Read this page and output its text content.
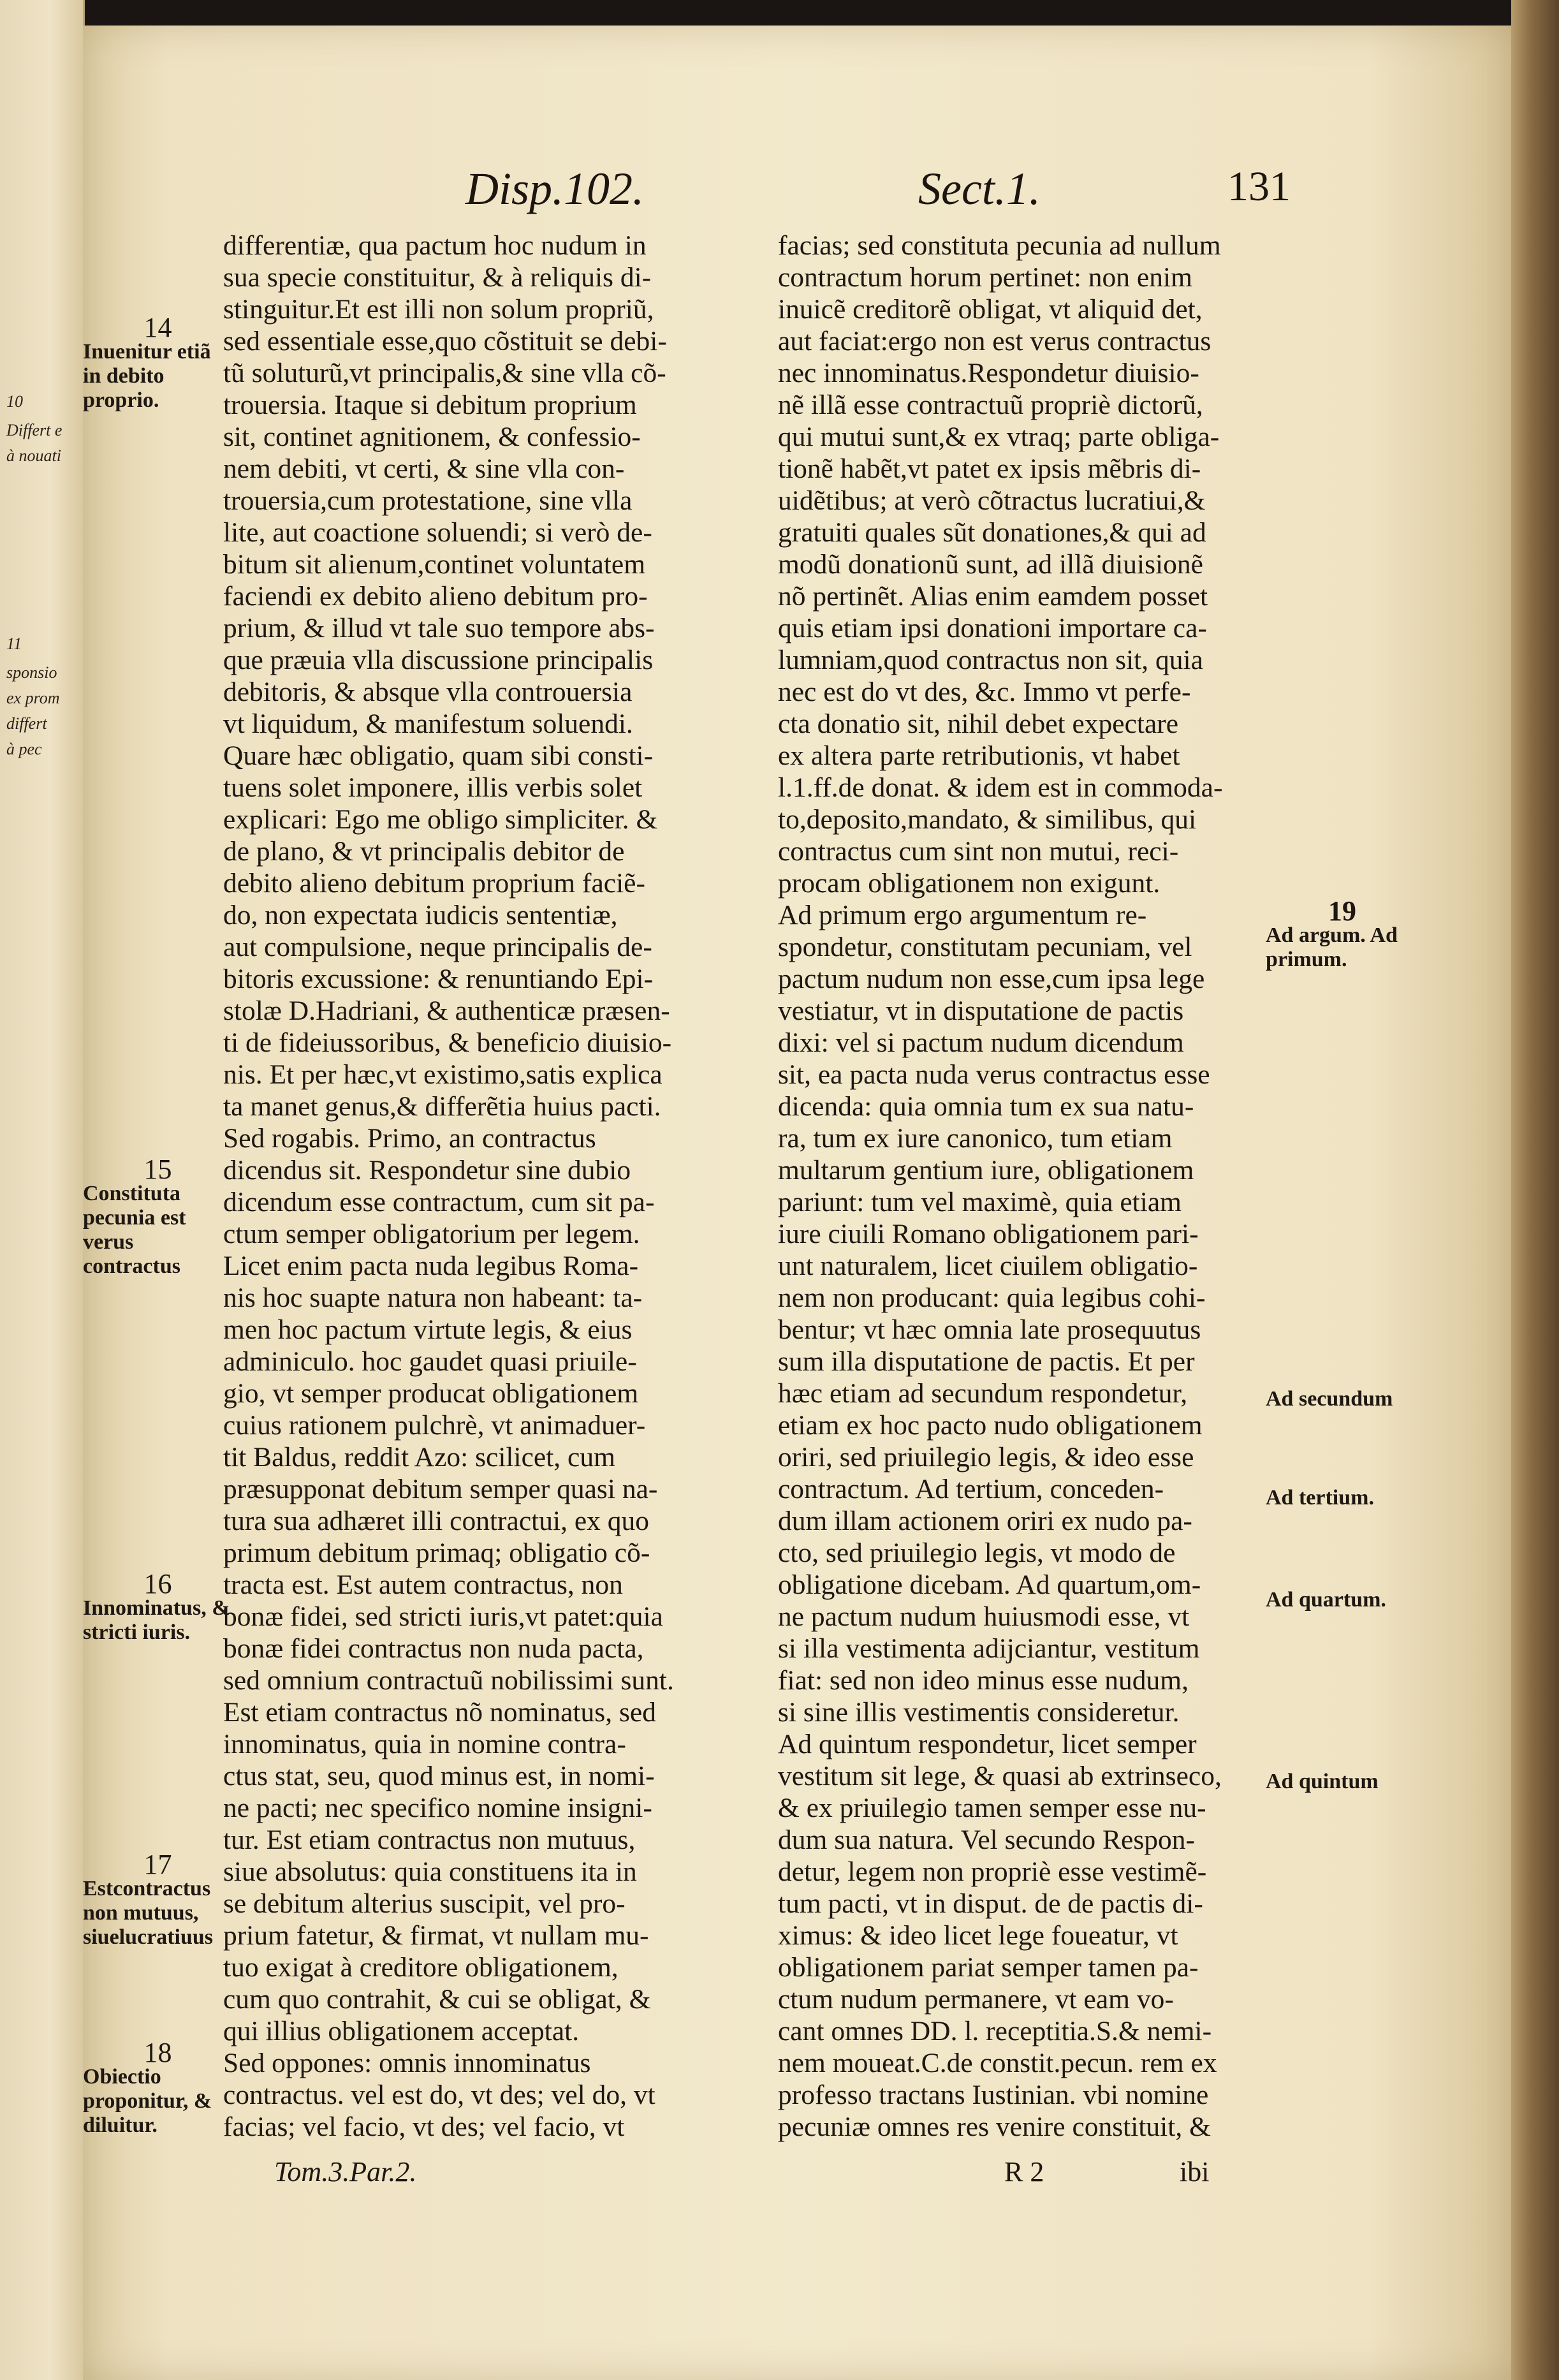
10
Differt e
à nouati
11
sponsio
ex prom
differt
à pec
Disp.102.	Sect.1.	131
14
Inuenitur etiã in debito proprio.
15
Constituta pecunia est verus contractus
16
Innominatus, & stricti iuris.
17
Estcontractus non mutuus, siuelucratiuus
18
Obiectio proponitur, & diluitur.
19
Ad argum. Ad primum.
Ad secundum
Ad tertium.
Ad quartum.
Ad quintum
differentiæ, qua pactum hoc nudum in
sua specie constituitur, & à reliquis di-
stinguitur.Et est illi non solum propriũ,
sed essentiale esse,quo cõstituit se debi-
tũ soluturũ,vt principalis,& sine vlla cõ-
trouersia. Itaque si debitum proprium
sit, continet agnitionem, & confessio-
nem debiti, vt certi, & sine vlla con-
trouersia,cum protestatione, sine vlla
lite, aut coactione soluendi; si verò de-
bitum sit alienum,continet voluntatem
faciendi ex debito alieno debitum pro-
prium, & illud vt tale suo tempore abs-
que præuia vlla discussione principalis
debitoris, & absque vlla controuersia
vt liquidum, & manifestum soluendi.
Quare hæc obligatio, quam sibi consti-
tuens solet imponere, illis verbis solet
explicari: Ego me obligo simpliciter. &
de plano, & vt principalis debitor de
debito alieno debitum proprium faciẽ-
do, non expectata iudicis sententiæ,
aut compulsione, neque principalis de-
bitoris excussione: & renuntiando Epi-
stolæ D.Hadriani, & authenticæ præsen-
ti de fideiussoribus, & beneficio diuisio-
nis. Et per hæc,vt existimo,satis explica
ta manet genus,& differẽtia huius pacti.
Sed rogabis. Primo, an contractus
dicendus sit. Respondetur sine dubio
dicendum esse contractum, cum sit pa-
ctum semper obligatorium per legem.
Licet enim pacta nuda legibus Roma-
nis hoc suapte natura non habeant: ta-
men hoc pactum virtute legis, & eius
adminiculo. hoc gaudet quasi priuile-
gio, vt semper producat obligationem
cuius rationem pulchrè, vt animaduer-
tit Baldus, reddit Azo: scilicet, cum
præsupponat debitum semper quasi na-
tura sua adhæret illi contractui, ex quo
primum debitum primaq; obligatio cõ-
tracta est. Est autem contractus, non
bonæ fidei, sed stricti iuris,vt patet:quia
bonæ fidei contractus non nuda pacta,
sed omnium contractuũ nobilissimi sunt.
Est etiam contractus nõ nominatus, sed
innominatus, quia in nomine contra-
ctus stat, seu, quod minus est, in nomi-
ne pacti; nec specifico nomine insigni-
tur. Est etiam contractus non mutuus,
siue absolutus: quia constituens ita in
se debitum alterius suscipit, vel pro-
prium fatetur, & firmat, vt nullam mu-
tuo exigat à creditore obligationem,
cum quo contrahit, & cui se obligat, &
qui illius obligationem acceptat.
Sed oppones: omnis innominatus
contractus. vel est do, vt des; vel do, vt
facias; vel facio, vt des; vel facio, vt
facias; sed constituta pecunia ad nullum
contractum horum pertinet: non enim
inuicẽ creditorẽ obligat, vt aliquid det,
aut faciat:ergo non est verus contractus
nec innominatus.Respondetur diuisio-
nẽ illã esse contractuũ propriè dictorũ,
qui mutui sunt,& ex vtraq; parte obliga-
tionẽ habẽt,vt patet ex ipsis mẽbris di-
uidẽtibus; at verò cõtractus lucratiui,&
gratuiti quales sũt donationes,& qui ad
modũ donationũ sunt, ad illã diuisionẽ
nõ pertinẽt. Alias enim eamdem posset
quis etiam ipsi donationi importare ca-
lumniam,quod contractus non sit, quia
nec est do vt des, &c. Immo vt perfe-
cta donatio sit, nihil debet expectare
ex altera parte retributionis, vt habet
l.1.ff.de donat. & idem est in commoda-
to,deposito,mandato, & similibus, qui
contractus cum sint non mutui, reci-
procam obligationem non exigunt.
Ad primum ergo argumentum re-
spondetur, constitutam pecuniam, vel
pactum nudum non esse,cum ipsa lege
vestiatur, vt in disputatione de pactis
dixi: vel si pactum nudum dicendum
sit, ea pacta nuda verus contractus esse
dicenda: quia omnia tum ex sua natu-
ra, tum ex iure canonico, tum etiam
multarum gentium iure, obligationem
pariunt: tum vel maximè, quia etiam
iure ciuili Romano obligationem pari-
unt naturalem, licet ciuilem obligatio-
nem non producant: quia legibus cohi-
bentur; vt hæc omnia late prosequutus
sum illa disputatione de pactis. Et per
hæc etiam ad secundum respondetur,
etiam ex hoc pacto nudo obligationem
oriri, sed priuilegio legis, & ideo esse
contractum. Ad tertium, conceden-
dum illam actionem oriri ex nudo pa-
cto, sed priuilegio legis, vt modo de
obligatione dicebam. Ad quartum,om-
ne pactum nudum huiusmodi esse, vt
si illa vestimenta adijciantur, vestitum
fiat: sed non ideo minus esse nudum,
si sine illis vestimentis consideretur.
Ad quintum respondetur, licet semper
vestitum sit lege, & quasi ab extrinseco,
& ex priuilegio tamen semper esse nu-
dum sua natura. Vel secundo Respon-
detur, legem non propriè esse vestimẽ-
tum pacti, vt in disput. de de pactis di-
ximus: & ideo licet lege foueatur, vt
obligationem pariat semper tamen pa-
ctum nudum permanere, vt eam vo-
cant omnes DD. l. receptitia.S.& nemi-
nem moueat.C.de constit.pecun. rem ex
professo tractans Iustinian. vbi nomine
pecuniæ omnes res venire constituit, &
Tom.3.Par.2.	R 2	ibi
